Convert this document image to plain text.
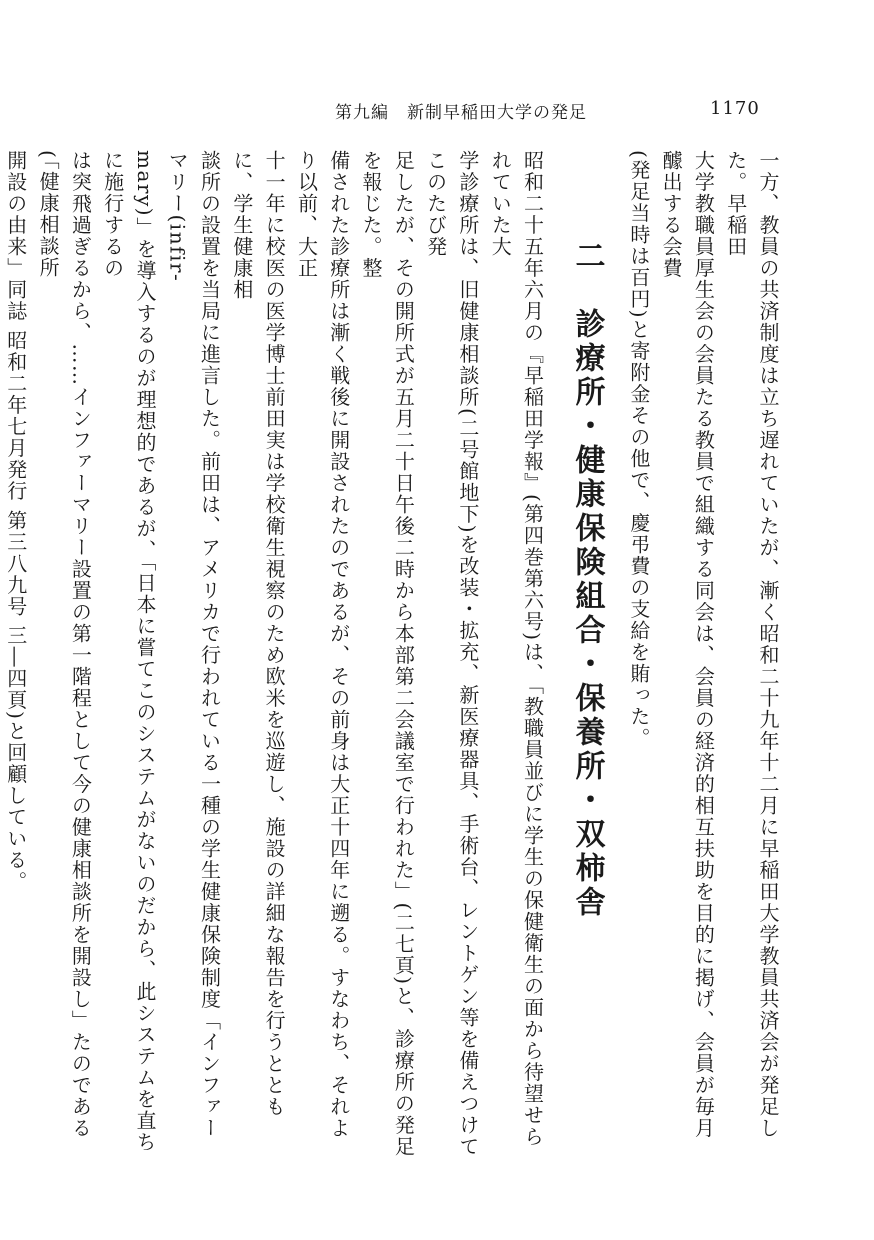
第九編　新制早稲田大学の発足	1170
一方、教員の共済制度は立ち遅れていたが、漸く昭和二十九年十二月に早稲田大学教員共済会が発足した。早稲田
大学教職員厚生会の会員たる教員で組織する同会は、会員の経済的相互扶助を目的に掲げ、会員が毎月醵出する会費
(発足当時は百円)と寄附金その他で、慶弔費の支給を賄った。
二　診療所・健康保険組合・保養所・双柿舎
昭和二十五年六月の『早稲田学報』(第四巻第六号)は、「教職員並びに学生の保健衛生の面から待望せられていた大
学診療所は、旧健康相談所(二号館地下)を改装・拡充、新医療器具、手術台、レントゲン等を備えつけてこのたび発
足したが、その開所式が五月二十日午後二時から本部第二会議室で行われた」(二七頁)と、診療所の発足を報じた。整
備された診療所は漸く戦後に開設されたのであるが、その前身は大正十四年に遡る。すなわち、それより以前、大正
十一年に校医の医学博士前田実は学校衛生視察のため欧米を巡遊し、施設の詳細な報告を行うとともに、学生健康相
談所の設置を当局に進言した。前田は、アメリカで行われている一種の学生健康保険制度「インファーマリー(infir-
mary)」を導入するのが理想的であるが、「日本に嘗てこのシステムがないのだから、此システムを直ちに施行するの
は突飛過ぎるから、……インファーマリー設置の第一階程として今の健康相談所を開設し」たのである(「健康相談所
開設の由来」同誌 昭和二年七月発行 第三八九号 三―四頁)と回顧している。
